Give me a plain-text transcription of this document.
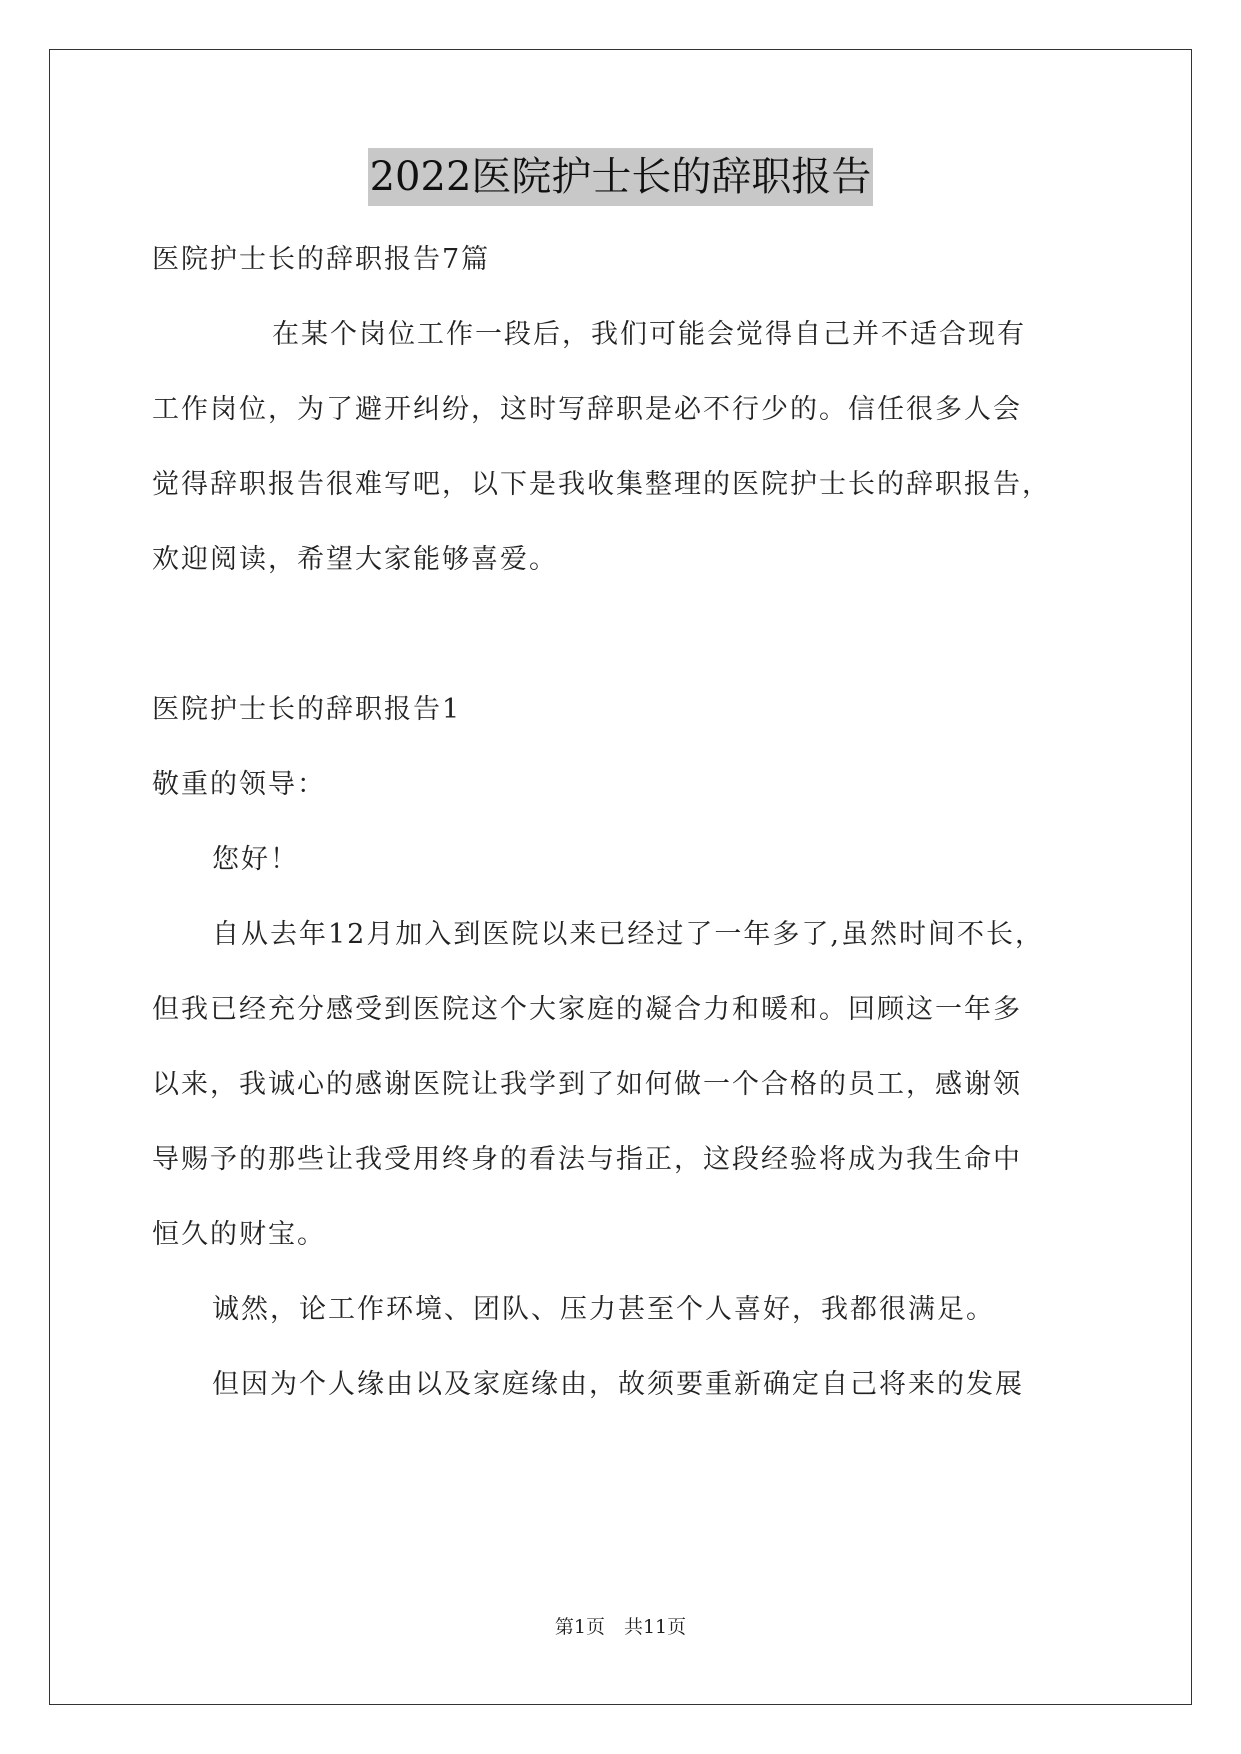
2022医院护士长的辞职报告
医院护士长的辞职报告7篇
在某个岗位工作一段后，我们可能会觉得自己并不适合现有
工作岗位，为了避开纠纷，这时写辞职是必不行少的。信任很多人会
觉得辞职报告很难写吧，以下是我收集整理的医院护士长的辞职报告，
欢迎阅读，希望大家能够喜爱。
医院护士长的辞职报告1
敬重的领导：
您好！
自从去年12月加入到医院以来已经过了一年多了,虽然时间不长，
但我已经充分感受到医院这个大家庭的凝合力和暖和。回顾这一年多
以来，我诚心的感谢医院让我学到了如何做一个合格的员工，感谢领
导赐予的那些让我受用终身的看法与指正，这段经验将成为我生命中
恒久的财宝。
诚然，论工作环境、团队、压力甚至个人喜好，我都很满足。
但因为个人缘由以及家庭缘由，故须要重新确定自己将来的发展
第1页　共11页
